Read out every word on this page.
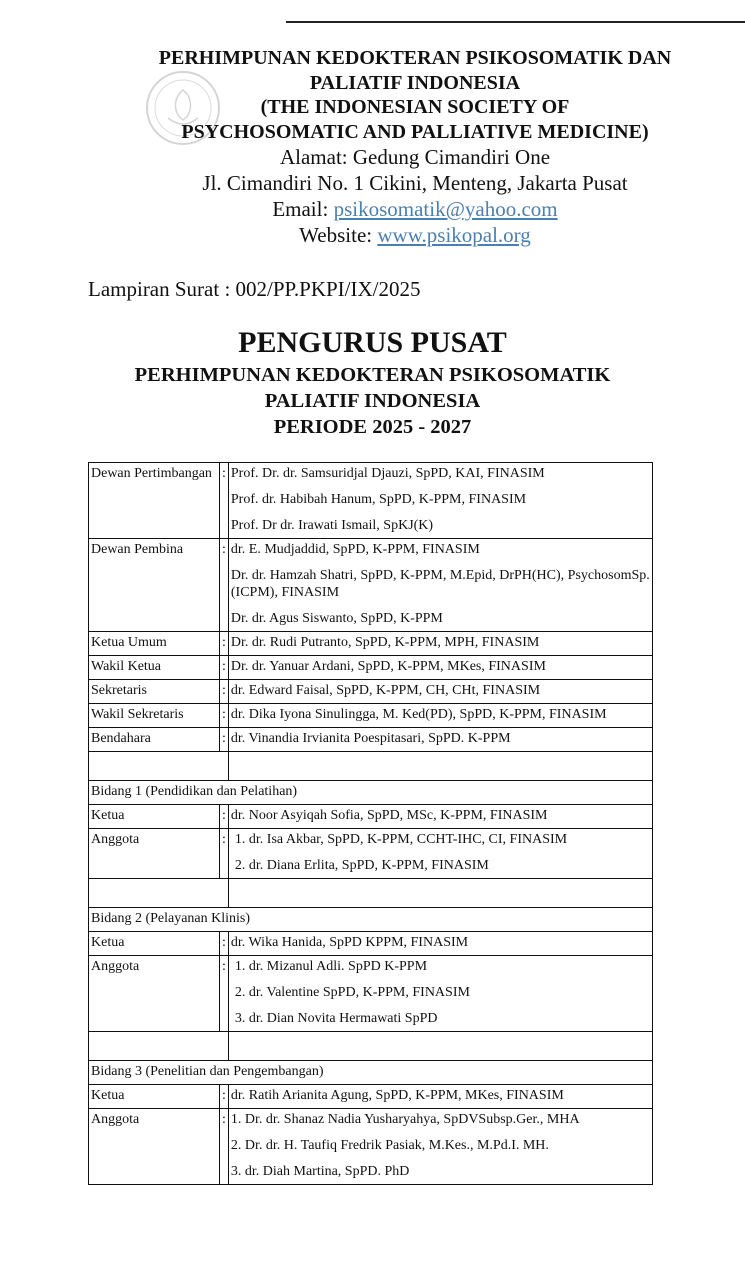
PERHIMPUNAN KEDOKTERAN PSIKOSOMATIK DAN
PALIATIF INDONESIA
(THE INDONESIAN SOCIETY OF
PSYCHOSOMATIC AND PALLIATIVE MEDICINE)
Alamat: Gedung Cimandiri One
Jl. Cimandiri No. 1 Cikini, Menteng, Jakarta Pusat
Email: psikosomatik@yahoo.com
Website: www.psikopal.org
Lampiran Surat : 002/PP.PKPI/IX/2025
PENGURUS PUSAT
PERHIMPUNAN KEDOKTERAN PSIKOSOMATIK
PALIATIF INDONESIA
PERIODE 2025 - 2027
Dewan Pertimbangan	:	Prof. Dr. dr. Samsuridjal Djauzi, SpPD, KAI, FINASIM
Prof. dr. Habibah Hanum, SpPD, K-PPM, FINASIM
Prof. Dr dr. Irawati Ismail, SpKJ(K)

Dewan Pembina	:	dr. E. Mudjaddid, SpPD, K-PPM, FINASIM
Dr. dr. Hamzah Shatri, SpPD, K-PPM, M.Epid, DrPH(HC), PsychosomSp.(ICPM), FINASIM
Dr. dr. Agus Siswanto, SpPD, K-PPM

Ketua Umum	:	Dr. dr. Rudi Putranto, SpPD, K-PPM, MPH, FINASIM

Wakil Ketua	:	Dr. dr. Yanuar Ardani, SpPD, K-PPM, MKes, FINASIM

Sekretaris	:	dr. Edward Faisal, SpPD, K-PPM, CH, CHt, FINASIM

Wakil Sekretaris	:	dr. Dika Iyona Sinulingga, M. Ked(PD), SpPD, K-PPM, FINASIM

Bendahara	:	dr. Vinandia Irvianita Poespitasari, SpPD. K-PPM

Bidang 1 (Pendidikan dan Pelatihan)		
Ketua	:	dr. Noor Asyiqah Sofia, SpPD, MSc, K-PPM, FINASIM

Anggota	:	1. dr. Isa Akbar, SpPD, K-PPM, CCHT-IHC, CI, FINASIM
2. dr. Diana Erlita, SpPD, K-PPM, FINASIM

Bidang 2 (Pelayanan Klinis)		
Ketua	:	dr. Wika Hanida, SpPD KPPM, FINASIM

Anggota	:	1. dr. Mizanul Adli. SpPD K-PPM
2. dr. Valentine SpPD, K-PPM, FINASIM
3. dr. Dian Novita Hermawati SpPD

Bidang 3 (Penelitian dan Pengembangan)		
Ketua	:	dr. Ratih Arianita Agung, SpPD, K-PPM, MKes, FINASIM

Anggota	:	1. Dr. dr. Shanaz Nadia Yusharyahya, SpDVSubsp.Ger., MHA
2. Dr. dr. H. Taufiq Fredrik Pasiak, M.Kes., M.Pd.I. MH.
3. dr. Diah Martina, SpPD. PhD
